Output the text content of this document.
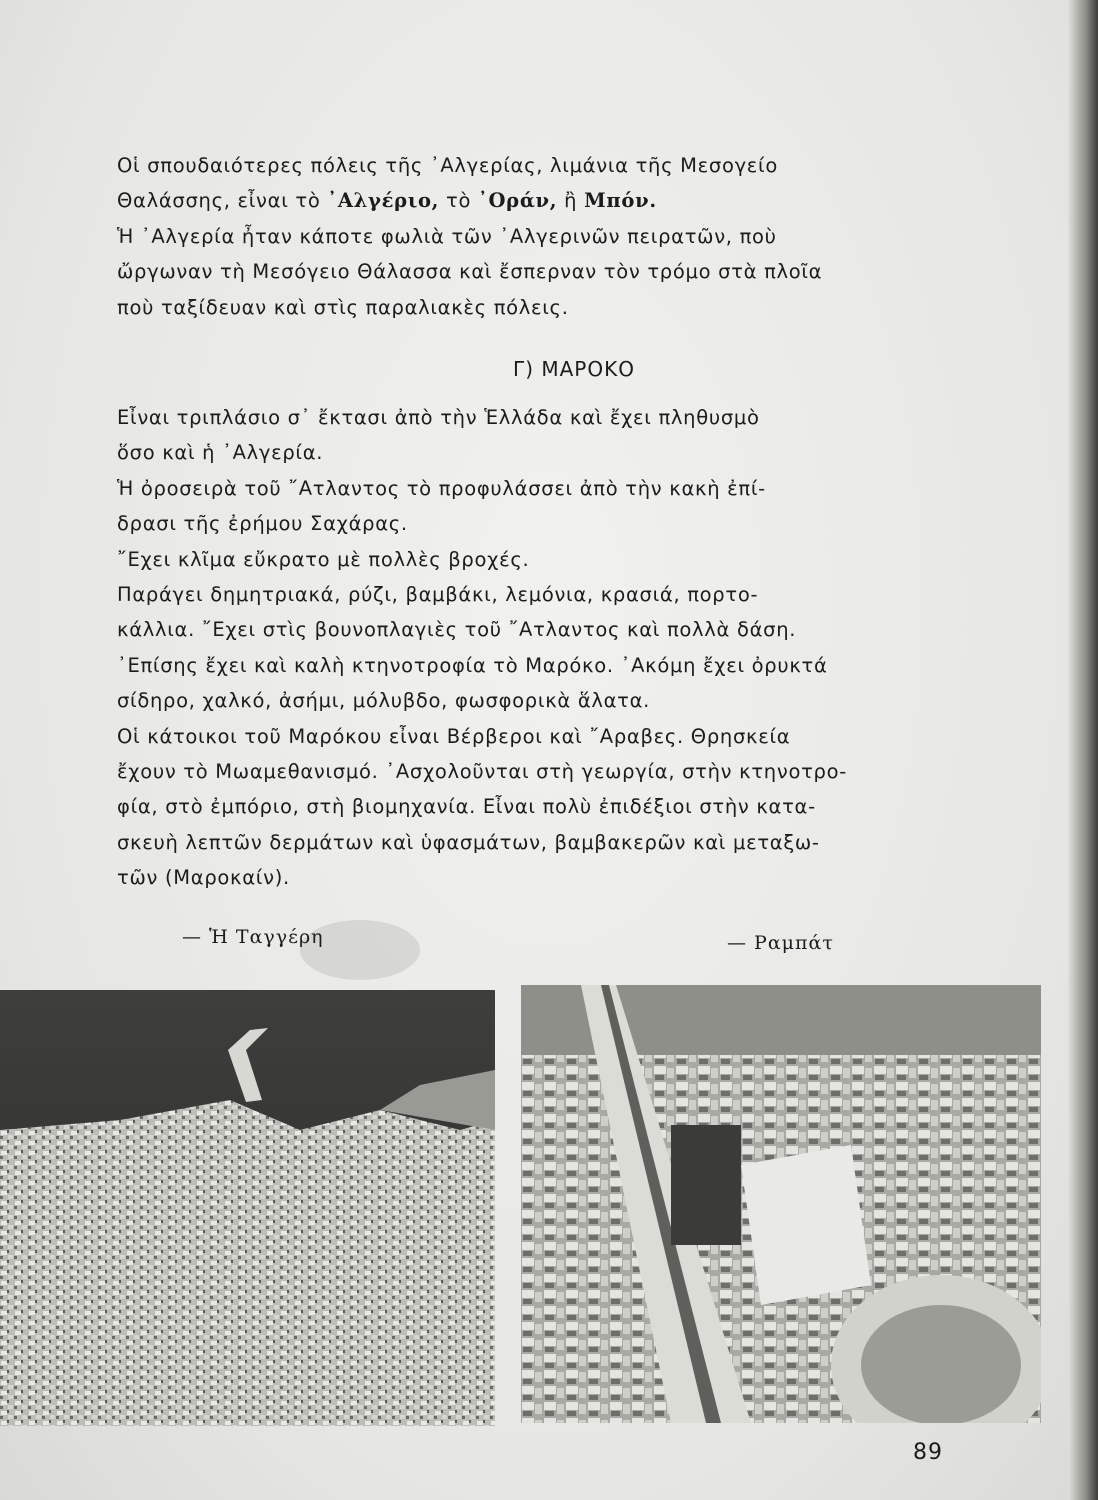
Οἱ σπουδαιότερες πόλεις τῆς ᾽Αλγερίας, λιμάνια τῆς Μεσογείο
Θαλάσσης, εἶναι τὸ ᾽Αλγέριο, τὸ ᾽Οράν, ἢ Μπόν.
Ἡ ᾽Αλγερία ἦταν κάποτε φωλιὰ τῶν ᾽Αλγερινῶν πειρατῶν, ποὺ
ὤργωναν τὴ Μεσόγειο Θάλασσα καὶ ἔσπερναν τὸν τρόμο στὰ πλοῖα
ποὺ ταξίδευαν καὶ στὶς παραλιακὲς πόλεις.
Γ) ΜΑΡΟΚΟ
Εἶναι τριπλάσιο σ᾽ ἔκτασι ἀπὸ τὴν Ἑλλάδα καὶ ἔχει πληθυσμὸ
ὅσο καὶ ἡ ᾽Αλγερία.
Ἡ ὀροσειρὰ τοῦ ῎Ατλαντος τὸ προφυλάσσει ἀπὸ τὴν κακὴ ἐπί-
δρασι τῆς ἐρήμου Σαχάρας.
῎Εχει κλῖμα εὔκρατο μὲ πολλὲς βροχές.
Παράγει δημητριακά, ρύζι, βαμβάκι, λεμόνια, κρασιά, πορτο-
κάλλια. ῎Εχει στὶς βουνοπλαγιὲς τοῦ ῎Ατλαντος καὶ πολλὰ δάση.
᾽Επίσης ἔχει καὶ καλὴ κτηνοτροφία τὸ Μαρόκο. ᾽Ακόμη ἔχει ὀρυκτά
σίδηρο, χαλκό, ἀσήμι, μόλυβδο, φωσφορικὰ ἅλατα.
Οἱ κάτοικοι τοῦ Μαρόκου εἶναι Βέρβεροι καὶ ῎Αραβες. Θρησκεία
ἔχουν τὸ Μωαμεθανισμό. ᾽Ασχολοῦνται στὴ γεωργία, στὴν κτηνοτρο-
φία, στὸ ἐμπόριο, στὴ βιομηχανία. Εἶναι πολὺ ἐπιδέξιοι στὴν κατα-
σκευὴ λεπτῶν δερμάτων καὶ ὑφασμάτων, βαμβακερῶν καὶ μεταξω-
τῶν (Μαροκαίν).
— Ἡ Ταγγέρη	— Ραμπάτ
89
